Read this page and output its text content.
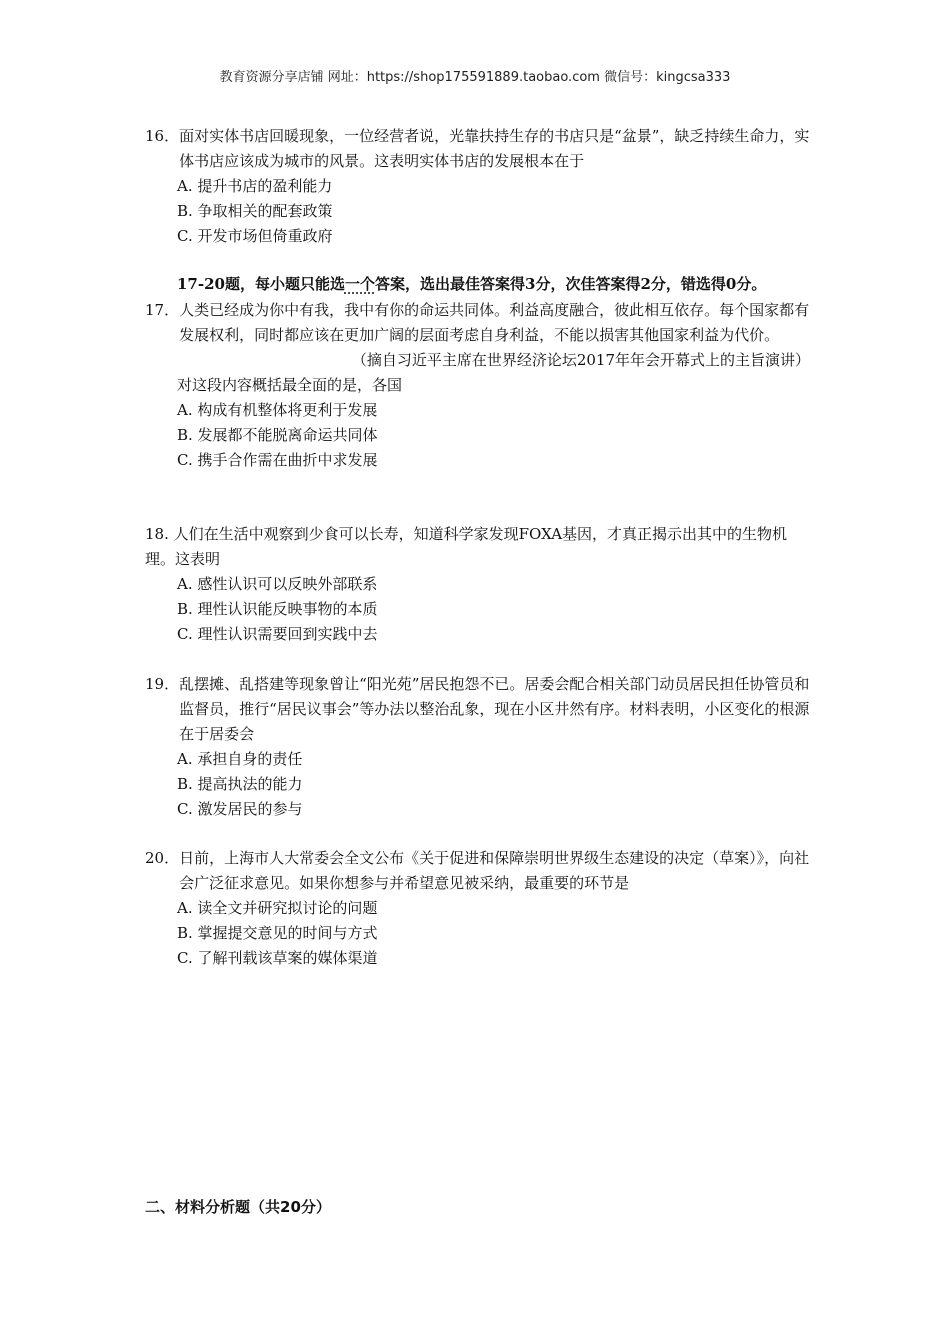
教育资源分享店铺 网址：https://shop175591889.taobao.com 微信号：kingcsa333
16． 面对实体书店回暖现象，一位经营者说，光靠扶持生存的书店只是“盆景”，缺乏持续生命力，实体书店应该成为城市的风景。这表明实体书店的发展根本在于
A. 提升书店的盈利能力
B. 争取相关的配套政策
C. 开发市场但倚重政府
17-20题，每小题只能选一个答案，选出最佳答案得3分，次佳答案得2分，错选得0分。
17． 人类已经成为你中有我，我中有你的命运共同体。利益高度融合，彼此相互依存。每个国家都有发展权利，同时都应该在更加广阔的层面考虑自身利益，不能以损害其他国家利益为代价。
（摘自习近平主席在世界经济论坛2017年年会开幕式上的主旨演讲）
对这段内容概括最全面的是，各国
A. 构成有机整体将更利于发展
B. 发展都不能脱离命运共同体
C. 携手合作需在曲折中求发展
18. 人们在生活中观察到少食可以长寿，知道科学家发现FOXA基因，才真正揭示出其中的生物机理。这表明
A. 感性认识可以反映外部联系
B. 理性认识能反映事物的本质
C. 理性认识需要回到实践中去
19． 乱摆摊、乱搭建等现象曾让“阳光苑”居民抱怨不已。居委会配合相关部门动员居民担任协管员和监督员，推行“居民议事会”等办法以整治乱象，现在小区井然有序。材料表明，小区变化的根源在于居委会
A. 承担自身的责任
B. 提高执法的能力
C. 激发居民的参与
20． 日前，上海市人大常委会全文公布《关于促进和保障崇明世界级生态建设的决定（草案）》，向社会广泛征求意见。如果你想参与并希望意见被采纳，最重要的环节是
A. 读全文并研究拟讨论的问题
B. 掌握提交意见的时间与方式
C. 了解刊载该草案的媒体渠道
二、材料分析题（共20分）
